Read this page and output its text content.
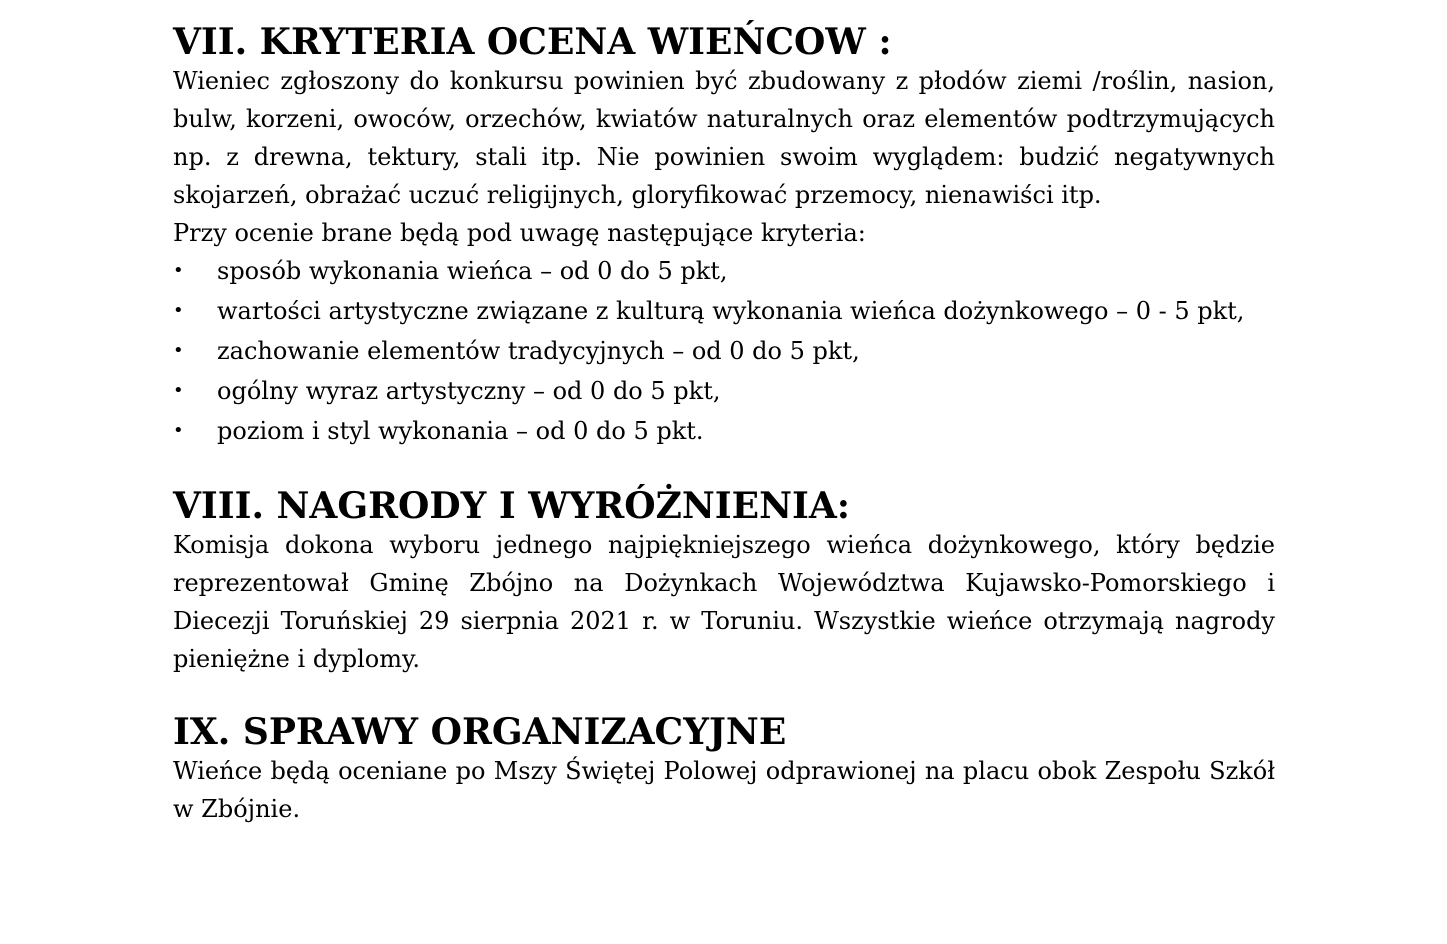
VII. KRYTERIA OCENA WIEŃCOW :

Wieniec zgłoszony do konkursu powinien być zbudowany z płodów ziemi /roślin, nasion, bulw, korzeni, owoców, orzechów, kwiatów naturalnych oraz elementów podtrzymujących np. z drewna, tektury, stali itp. Nie powinien swoim wyglądem: budzić negatywnych skojarzeń, obrażać uczuć religijnych, gloryfikować przemocy, nienawiści itp.

Przy ocenie brane będą pod uwagę następujące kryteria:

• sposób wykonania wieńca – od 0 do 5 pkt,
• wartości artystyczne związane z kulturą wykonania wieńca dożynkowego – 0 - 5 pkt,
• zachowanie elementów tradycyjnych – od 0 do 5 pkt,
• ogólny wyraz artystyczny – od 0 do 5 pkt,
• poziom i styl wykonania – od 0 do 5 pkt.
VIII. NAGRODY I WYRÓŻNIENIA:

Komisja dokona wyboru jednego najpiękniejszego wieńca dożynkowego, który będzie reprezentował Gminę Zbójno na Dożynkach Województwa Kujawsko-Pomorskiego i Diecezji Toruńskiej 29 sierpnia 2021 r. w Toruniu. Wszystkie wieńce otrzymają nagrody pieniężne i dyplomy.

IX. SPRAWY ORGANIZACYJNE

Wieńce będą oceniane po Mszy Świętej Polowej odprawionej na placu obok Zespołu Szkół w Zbójnie.
